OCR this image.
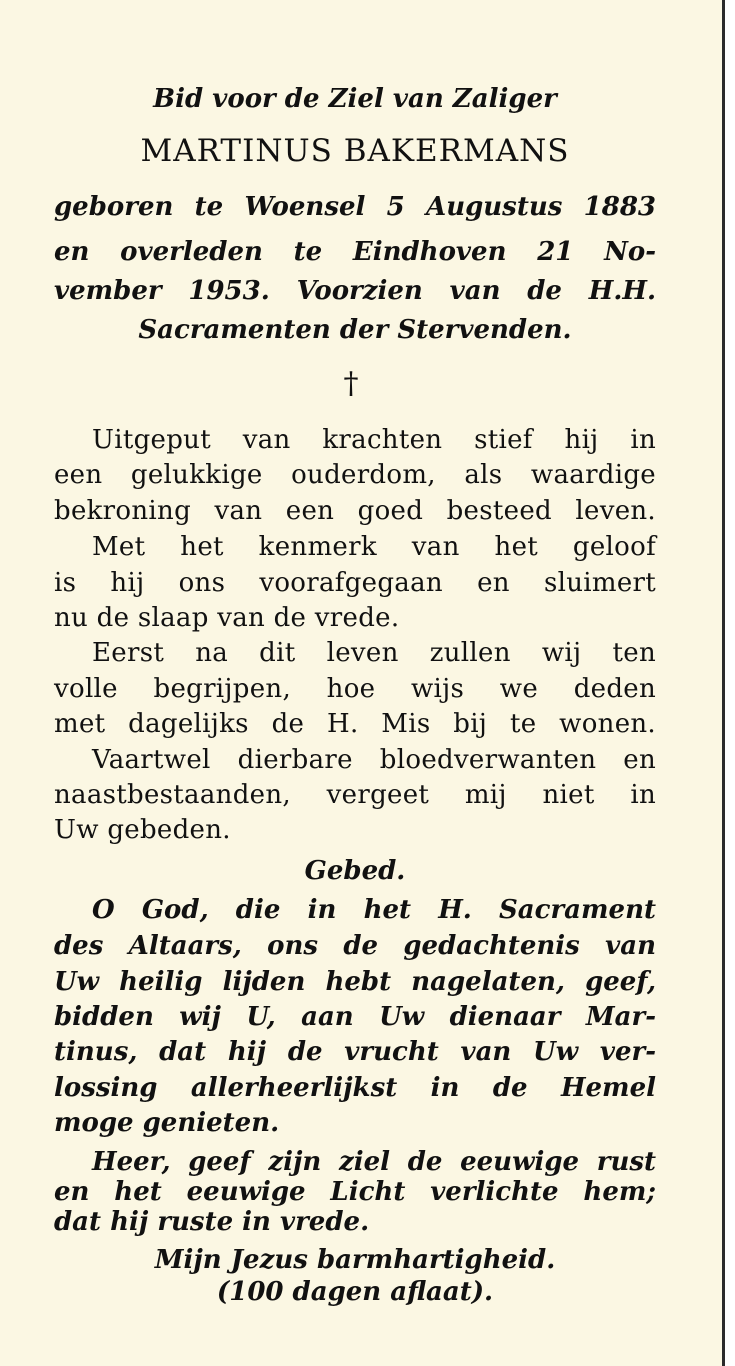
Bid voor de Ziel van Zaliger
MARTINUS BAKERMANS
geboren te Woensel 5 Augustus 1883
en overleden te Eindhoven 21 No-
vember 1953. Voorzien van de H.H.
Sacramenten der Stervenden.
†
Uitgeput van krachten stief hij in
een gelukkige ouderdom, als waardige
bekroning van een goed besteed leven.
Met het kenmerk van het geloof
is hij ons voorafgegaan en sluimert
nu de slaap van de vrede.
Eerst na dit leven zullen wij ten
volle begrijpen, hoe wijs we deden
met dagelijks de H. Mis bij te wonen.
Vaartwel dierbare bloedverwanten en
naastbestaanden, vergeet mij niet in
Uw gebeden.
Gebed.
O God, die in het H. Sacrament
des Altaars, ons de gedachtenis van
Uw heilig lijden hebt nagelaten, geef,
bidden wij U, aan Uw dienaar Mar-
tinus, dat hij de vrucht van Uw ver-
lossing allerheerlijkst in de Hemel
moge genieten.
Heer, geef zijn ziel de eeuwige rust
en het eeuwige Licht verlichte hem;
dat hij ruste in vrede.
Mijn Jezus barmhartigheid.
(100 dagen aflaat).
